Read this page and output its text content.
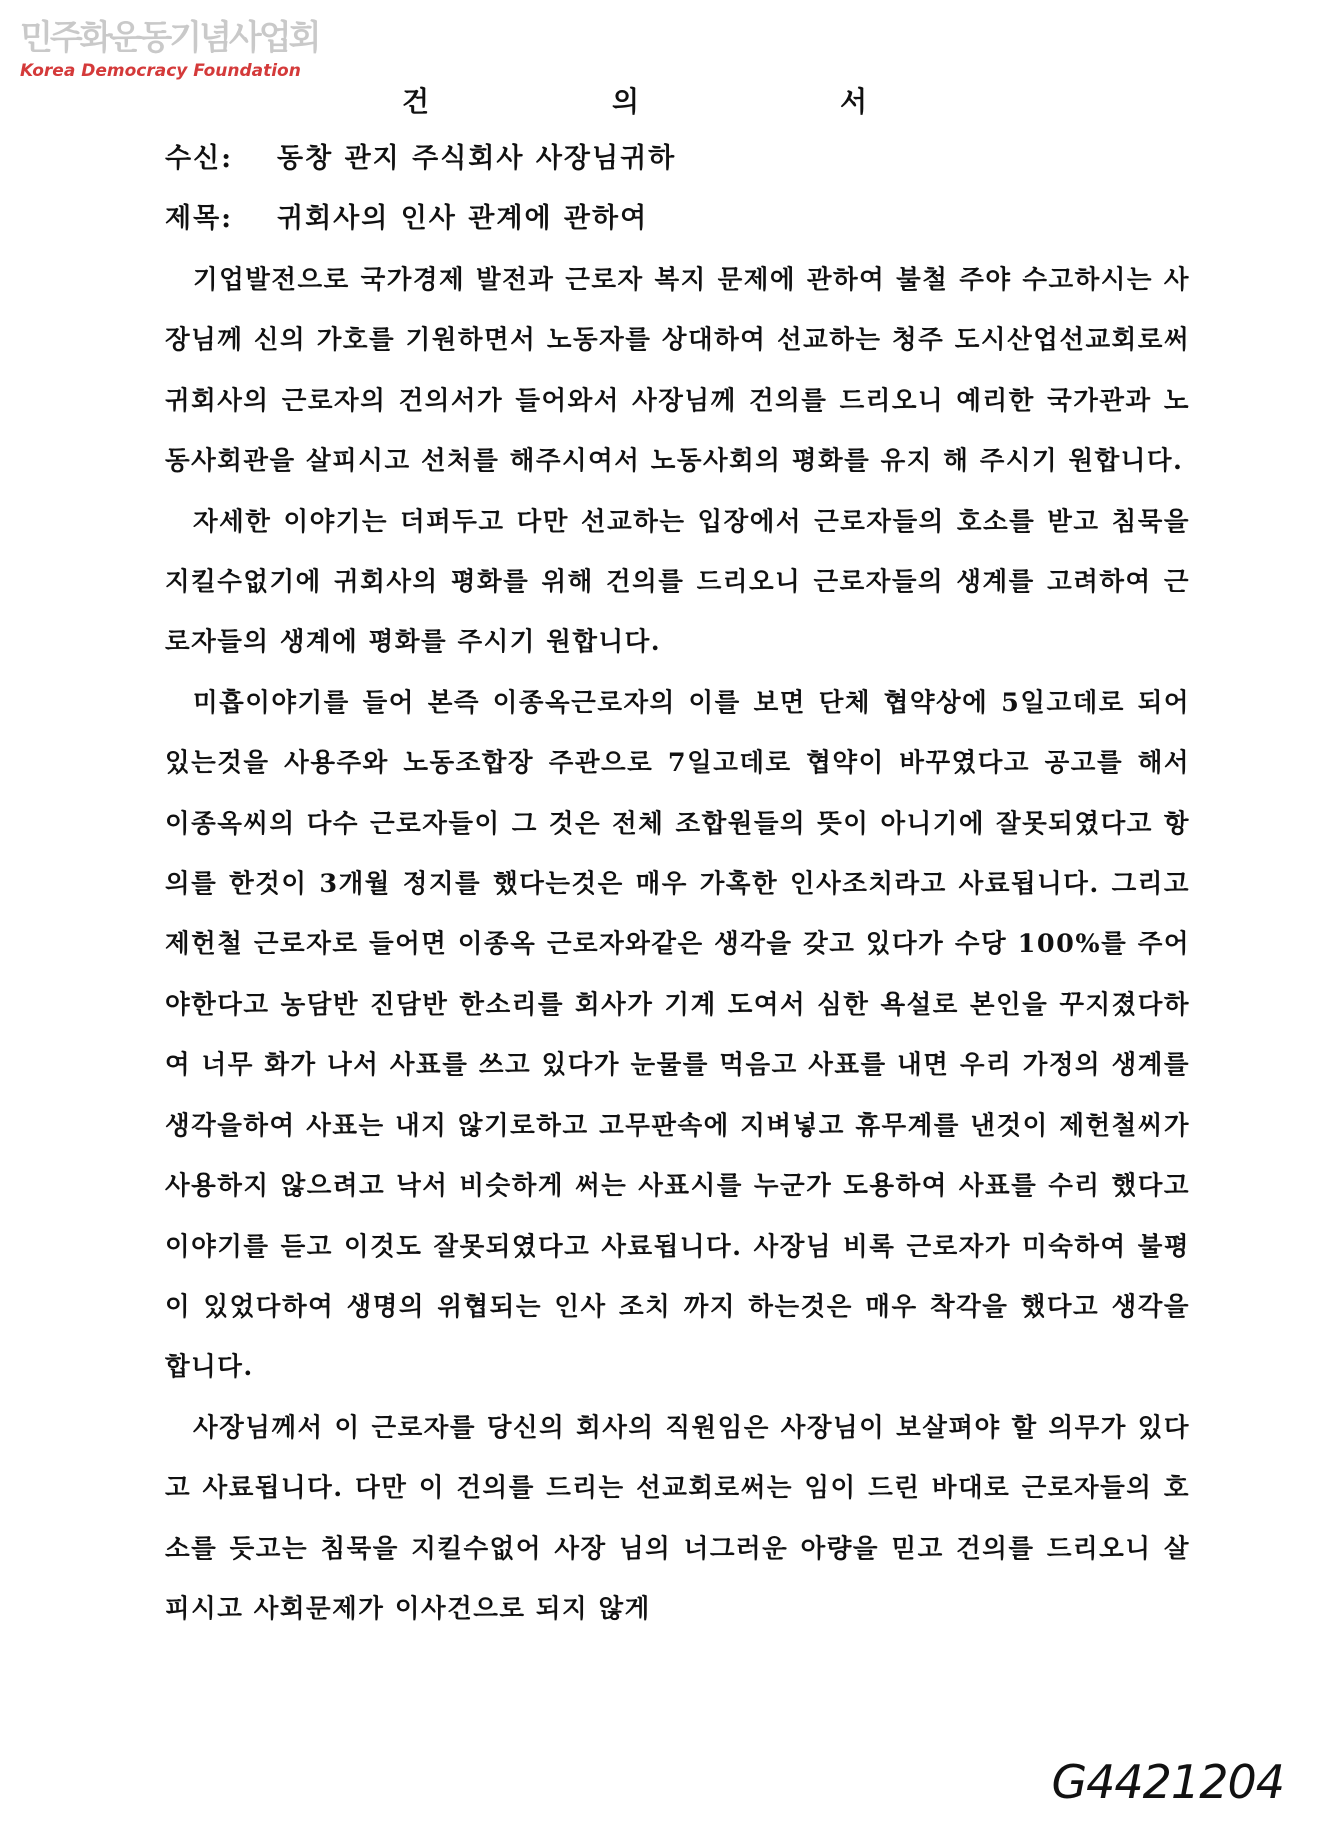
민주화운동기념사업회
Korea Democracy Foundation
건	의	서
수신: 동창 관지 주식회사 사장님귀하
제목: 귀회사의 인사 관계에 관하여

기업발전으로 국가경제 발전과 근로자 복지 문제에 관하여 불철 주야 수고하시는 사장님께 신의 가호를 기원하면서 노동자를 상대하여 선교하는 청주 도시산업선교회로써 귀회사의 근로자의 건의서가 들어와서 사장님께 건의를 드리오니 예리한 국가관과 노동사회관을 살피시고 선처를 해주시여서 노동사회의 평화를 유지 해 주시기 원합니다.

자세한 이야기는 더퍼두고 다만 선교하는 입장에서 근로자들의 호소를 받고 침묵을 지킬수없기에 귀회사의 평화를 위해 건의를 드리오니 근로자들의 생계를 고려하여 근로자들의 생계에 평화를 주시기 원합니다.

미흡이야기를 들어 본즉 이종옥근로자의 이를 보면 단체 협약상에 5일고데로 되어 있는것을 사용주와 노동조합장 주관으로 7일고데로 협약이 바꾸였다고 공고를 해서 이종옥씨의 다수 근로자들이 그 것은 전체 조합원들의 뜻이 아니기에 잘못되였다고 항의를 한것이 3개월 정지를 했다는것은 매우 가혹한 인사조치라고 사료됩니다. 그리고 제헌철 근로자로 들어면 이종옥 근로자와같은 생각을 갖고 있다가 수당 100%를 주어야한다고 농담반 진담반 한소리를 회사가 기계 도여서 심한 욕설로 본인을 꾸지졌다하여 너무 화가 나서 사표를 쓰고 있다가 눈물를 먹음고 사표를 내면 우리 가정의 생계를 생각을하여 사표는 내지 않기로하고 고무판속에 지벼넣고 휴무계를 낸것이 제헌철씨가 사용하지 않으려고 낙서 비슷하게 써는 사표시를 누군가 도용하여 사표를 수리 했다고 이야기를 듣고 이것도 잘못되였다고 사료됩니다. 사장님 비록 근로자가 미숙하여 불평이 있었다하여 생명의 위협되는 인사 조치 까지 하는것은 매우 착각을 했다고 생각을합니다.

사장님께서 이 근로자를 당신의 회사의 직원임은 사장님이 보살펴야 할 의무가 있다고 사료됩니다. 다만 이 건의를 드리는 선교회로써는 임이 드린 바대로 근로자들의 호소를 듯고는 침묵을 지킬수없어 사장 님의 너그러운 아량을 믿고 건의를 드리오니 살피시고 사회문제가 이사건으로 되지 않게

G4421204
